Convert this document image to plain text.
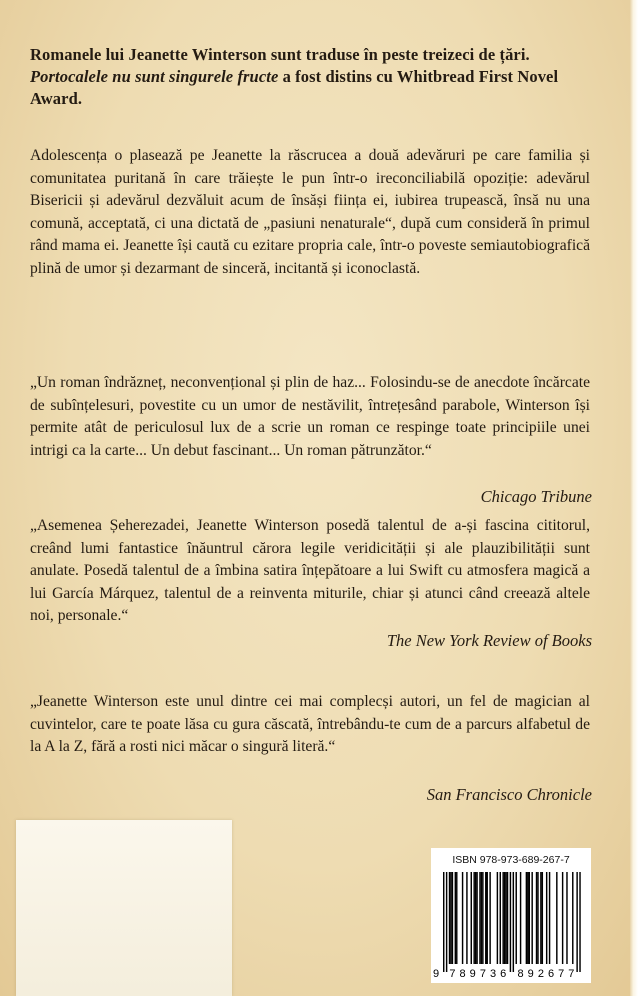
Romanele lui Jeanette Winterson sunt traduse în peste treizeci de țări. Portocalele nu sunt singurele fructe a fost distins cu Whitbread First Novel Award.

Adolescența o plasează pe Jeanette la răscrucea a două adevăruri pe care familia și comunitatea puritană în care trăiește le pun într-o ireconciliabilă opoziție: adevărul Bisericii și adevărul dezvăluit acum de însăși ființa ei, iubirea trupească, însă nu una comună, acceptată, ci una dictată de „pasiuni nenaturale“, după cum consideră în primul rând mama ei. Jeanette își caută cu ezitare propria cale, într-o poveste semiautobiografică plină de umor și dezarmant de sinceră, incitantă și iconoclastă.

„Un roman îndrăzneț, neconvențional și plin de haz... Folosindu-se de anecdote încărcate de subînțelesuri, povestite cu un umor de nestăvilit, întrețesând parabole, Winterson își permite atât de periculosul lux de a scrie un roman ce respinge toate principiile unei intrigi ca la carte... Un debut fascinant... Un roman pătrunzător.“

Chicago Tribune

„Asemenea Șeherezadei, Jeanette Winterson posedă talentul de a-și fascina cititorul, creând lumi fantastice înăuntrul cărora legile veridicității și ale plauzibilității sunt anulate. Posedă talentul de a îmbina satira înțepătoare a lui Swift cu atmosfera magică a lui García Márquez, talentul de a reinventa miturile, chiar și atunci când creează altele noi, personale.“

The New York Review of Books

„Jeanette Winterson este unul dintre cei mai complecși autori, un fel de magician al cuvintelor, care te poate lăsa cu gura căscată, întrebându-te cum de a parcurs alfabetul de la A la Z, fără a rosti nici măcar o singură literă.“

San Francisco Chronicle

ISBN 978-973-689-267-7
9 7 8 9 7 3 6 8 9 2 6 7 7
